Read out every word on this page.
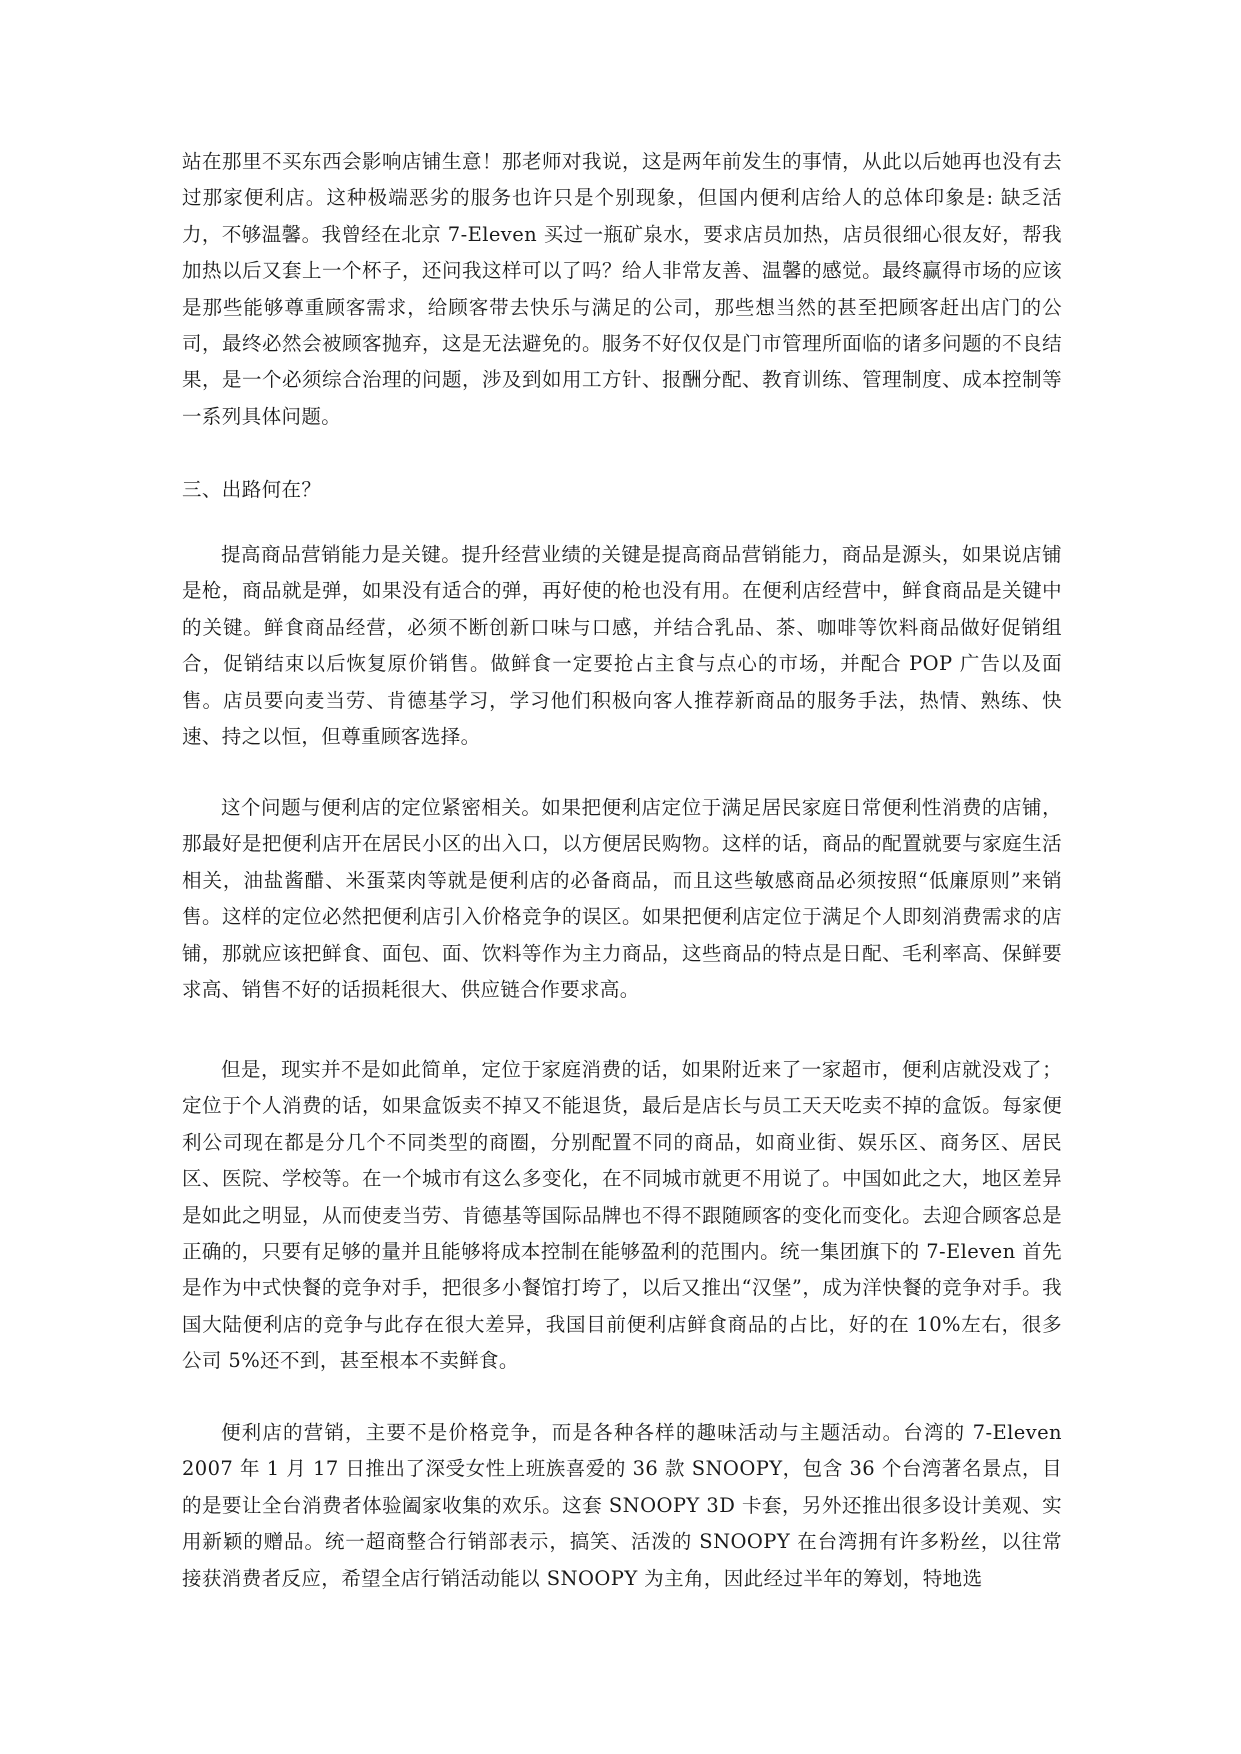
站在那里不买东西会影响店铺生意！那老师对我说，这是两年前发生的事情，从此以后她再也没有去过那家便利店。这种极端恶劣的服务也许只是个别现象，但国内便利店给人的总体印象是: 缺乏活力，不够温馨。我曾经在北京 7-Eleven 买过一瓶矿泉水，要求店员加热，店员很细心很友好，帮我加热以后又套上一个杯子，还问我这样可以了吗？给人非常友善、温馨的感觉。最终赢得市场的应该是那些能够尊重顾客需求，给顾客带去快乐与满足的公司，那些想当然的甚至把顾客赶出店门的公司，最终必然会被顾客抛弃，这是无法避免的。服务不好仅仅是门市管理所面临的诸多问题的不良结果，是一个必须综合治理的问题，涉及到如用工方针、报酬分配、教育训练、管理制度、成本控制等一系列具体问题。

三、出路何在？

提高商品营销能力是关键。提升经营业绩的关键是提高商品营销能力，商品是源头，如果说店铺是枪，商品就是弹，如果没有适合的弹，再好使的枪也没有用。在便利店经营中，鲜食商品是关键中的关键。鲜食商品经营，必须不断创新口味与口感，并结合乳品、茶、咖啡等饮料商品做好促销组合，促销结束以后恢复原价销售。做鲜食一定要抢占主食与点心的市场，并配合 POP 广告以及面售。店员要向麦当劳、肯德基学习，学习他们积极向客人推荐新商品的服务手法，热情、熟练、快速、持之以恒，但尊重顾客选择。

这个问题与便利店的定位紧密相关。如果把便利店定位于满足居民家庭日常便利性消费的店铺，那最好是把便利店开在居民小区的出入口，以方便居民购物。这样的话，商品的配置就要与家庭生活相关，油盐酱醋、米蛋菜肉等就是便利店的必备商品，而且这些敏感商品必须按照“低廉原则”来销售。这样的定位必然把便利店引入价格竞争的误区。如果把便利店定位于满足个人即刻消费需求的店铺，那就应该把鲜食、面包、面、饮料等作为主力商品，这些商品的特点是日配、毛利率高、保鲜要求高、销售不好的话损耗很大、供应链合作要求高。

但是，现实并不是如此简单，定位于家庭消费的话，如果附近来了一家超市，便利店就没戏了；定位于个人消费的话，如果盒饭卖不掉又不能退货，最后是店长与员工天天吃卖不掉的盒饭。每家便利公司现在都是分几个不同类型的商圈，分别配置不同的商品，如商业街、娱乐区、商务区、居民区、医院、学校等。在一个城市有这么多变化，在不同城市就更不用说了。中国如此之大，地区差异是如此之明显，从而使麦当劳、肯德基等国际品牌也不得不跟随顾客的变化而变化。去迎合顾客总是正确的，只要有足够的量并且能够将成本控制在能够盈利的范围内。统一集团旗下的 7-Eleven 首先是作为中式快餐的竞争对手，把很多小餐馆打垮了，以后又推出“汉堡”，成为洋快餐的竞争对手。我国大陆便利店的竞争与此存在很大差异，我国目前便利店鲜食商品的占比，好的在 10%左右，很多公司 5%还不到，甚至根本不卖鲜食。

便利店的营销，主要不是价格竞争，而是各种各样的趣味活动与主题活动。台湾的 7-Eleven 2007 年 1 月 17 日推出了深受女性上班族喜爱的 36 款 SNOOPY，包含 36 个台湾著名景点，目的是要让全台消费者体验阖家收集的欢乐。这套 SNOOPY 3D 卡套，另外还推出很多设计美观、实用新颖的赠品。统一超商整合行销部表示，搞笑、活泼的 SNOOPY 在台湾拥有许多粉丝，以往常接获消费者反应，希望全店行销活动能以 SNOOPY 为主角，因此经过半年的筹划，特地选
